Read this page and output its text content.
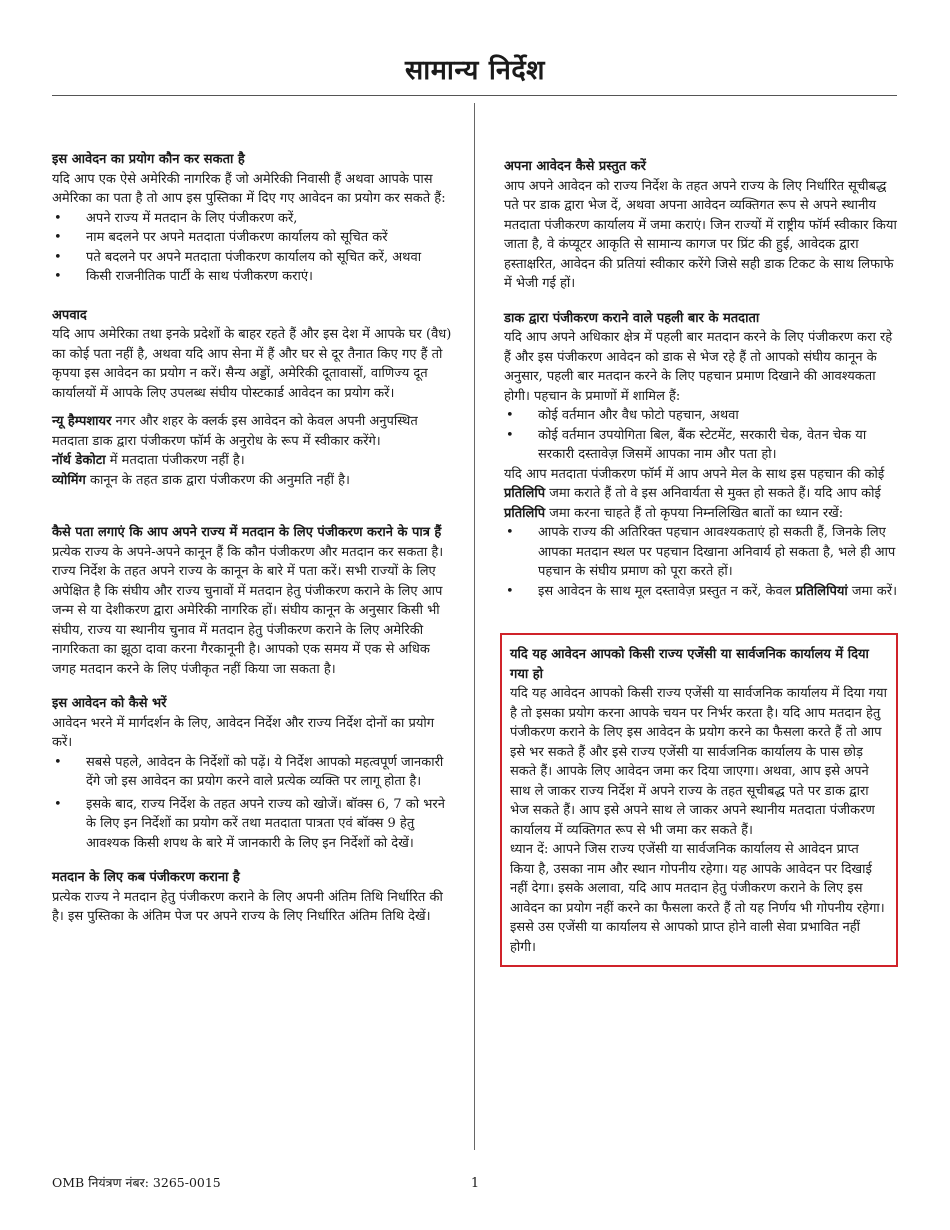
सामान्य निर्देश

इस आवेदन का प्रयोग कौन कर सकता है

यदि आप एक ऐसे अमेरिकी नागरिक हैं जो अमेरिकी निवासी हैं अथवा आपके पास अमेरिका का पता है तो आप इस पुस्तिका में दिए गए आवेदन का प्रयोग कर सकते हैं:

• अपने राज्य में मतदान के लिए पंजीकरण करें,
• नाम बदलने पर अपने मतदाता पंजीकरण कार्यालय को सूचित करें
• पते बदलने पर अपने मतदाता पंजीकरण कार्यालय को सूचित करें, अथवा
• किसी राजनीतिक पार्टी के साथ पंजीकरण कराएं।

अपवाद

यदि आप अमेरिका तथा इनके प्रदेशों के बाहर रहते हैं और इस देश में आपके घर (वैध) का कोई पता नहीं है, अथवा यदि आप सेना में हैं और घर से दूर तैनात किए गए हैं तो कृपया इस आवेदन का प्रयोग न करें। सैन्य अड्डों, अमेरिकी दूतावासों, वाणिज्य दूत कार्यालयों में आपके लिए उपलब्ध संघीय पोस्टकार्ड आवेदन का प्रयोग करें।

न्यू हैम्पशायर नगर और शहर के क्लर्क इस आवेदन को केवल अपनी अनुपस्थित मतदाता डाक द्वारा पंजीकरण फॉर्म के अनुरोध के रूप में स्वीकार करेंगे।

नॉर्थ डेकोटा में मतदाता पंजीकरण नहीं है।

व्योमिंग कानून के तहत डाक द्वारा पंजीकरण की अनुमति नहीं है।

कैसे पता लगाएं कि आप अपने राज्य में मतदान के लिए पंजीकरण कराने के पात्र हैं

प्रत्येक राज्य के अपने-अपने कानून हैं कि कौन पंजीकरण और मतदान कर सकता है। राज्य निर्देश के तहत अपने राज्य के कानून के बारे में पता करें। सभी राज्यों के लिए अपेक्षित है कि संघीय और राज्य चुनावों में मतदान हेतु पंजीकरण कराने के लिए आप जन्म से या देशीकरण द्वारा अमेरिकी नागरिक हों। संघीय कानून के अनुसार किसी भी संघीय, राज्य या स्थानीय चुनाव में मतदान हेतु पंजीकरण कराने के लिए अमेरिकी नागरिकता का झूठा दावा करना गैरकानूनी है। आपको एक समय में एक से अधिक जगह मतदान करने के लिए पंजीकृत नहीं किया जा सकता है।

इस आवेदन को कैसे भरें

आवेदन भरने में मार्गदर्शन के लिए, आवेदन निर्देश और राज्य निर्देश दोनों का प्रयोग करें।

• सबसे पहले, आवेदन के निर्देशों को पढ़ें। ये निर्देश आपको महत्वपूर्ण जानकारी देंगे जो इस आवेदन का प्रयोग करने वाले प्रत्येक व्यक्ति पर लागू होता है।
• इसके बाद, राज्य निर्देश के तहत अपने राज्य को खोजें। बॉक्स 6, 7 को भरने के लिए इन निर्देशों का प्रयोग करें तथा मतदाता पात्रता एवं बॉक्स 9 हेतु आवश्यक किसी शपथ के बारे में जानकारी के लिए इन निर्देशों को देखें।

मतदान के लिए कब पंजीकरण कराना है

प्रत्येक राज्य ने मतदान हेतु पंजीकरण कराने के लिए अपनी अंतिम तिथि निर्धारित की है। इस पुस्तिका के अंतिम पेज पर अपने राज्य के लिए निर्धारित अंतिम तिथि देखें।

अपना आवेदन कैसे प्रस्तुत करें

आप अपने आवेदन को राज्य निर्देश के तहत अपने राज्य के लिए निर्धारित सूचीबद्ध पते पर डाक द्वारा भेज दें, अथवा अपना आवेदन व्यक्तिगत रूप से अपने स्थानीय मतदाता पंजीकरण कार्यालय में जमा कराएं। जिन राज्यों में राष्ट्रीय फॉर्म स्वीकार किया जाता है, वे कंप्यूटर आकृति से सामान्य कागज पर प्रिंट की हुई, आवेदक द्वारा हस्ताक्षरित, आवेदन की प्रतियां स्वीकार करेंगे जिसे सही डाक टिकट के साथ लिफाफे में भेजी गई हों।

डाक द्वारा पंजीकरण कराने वाले पहली बार के मतदाता

यदि आप अपने अधिकार क्षेत्र में पहली बार मतदान करने के लिए पंजीकरण करा रहे हैं और इस पंजीकरण आवेदन को डाक से भेज रहे हैं तो आपको संघीय कानून के अनुसार, पहली बार मतदान करने के लिए पहचान प्रमाण दिखाने की आवश्यकता होगी। पहचान के प्रमाणों में शामिल हैं:

• कोई वर्तमान और वैध फोटो पहचान, अथवा
• कोई वर्तमान उपयोगिता बिल, बैंक स्टेटमेंट, सरकारी चेक, वेतन चेक या सरकारी दस्तावेज़ जिसमें आपका नाम और पता हो।

यदि आप मतदाता पंजीकरण फॉर्म में आप अपने मेल के साथ इस पहचान की कोई प्रतिलिपि जमा कराते हैं तो वे इस अनिवार्यता से मुक्त हो सकते हैं। यदि आप कोई प्रतिलिपि जमा करना चाहते हैं तो कृपया निम्नलिखित बातों का ध्यान रखें:

• आपके राज्य की अतिरिक्त पहचान आवश्यकताएं हो सकती हैं, जिनके लिए आपका मतदान स्थल पर पहचान दिखाना अनिवार्य हो सकता है, भले ही आप पहचान के संघीय प्रमाण को पूरा करते हों।
• इस आवेदन के साथ मूल दस्तावेज़ प्रस्तुत न करें, केवल प्रतिलिपियां जमा करें।

यदि यह आवेदन आपको किसी राज्य एजेंसी या सार्वजनिक कार्यालय में दिया गया हो

यदि यह आवेदन आपको किसी राज्य एजेंसी या सार्वजनिक कार्यालय में दिया गया है तो इसका प्रयोग करना आपके चयन पर निर्भर करता है। यदि आप मतदान हेतु पंजीकरण कराने के लिए इस आवेदन के प्रयोग करने का फैसला करते हैं तो आप इसे भर सकते हैं और इसे राज्य एजेंसी या सार्वजनिक कार्यालय के पास छोड़ सकते हैं। आपके लिए आवेदन जमा कर दिया जाएगा। अथवा, आप इसे अपने साथ ले जाकर राज्य निर्देश में अपने राज्य के तहत सूचीबद्ध पते पर डाक द्वारा भेज सकते हैं। आप इसे अपने साथ ले जाकर अपने स्थानीय मतदाता पंजीकरण कार्यालय में व्यक्तिगत रूप से भी जमा कर सकते हैं।

ध्यान दें: आपने जिस राज्य एजेंसी या सार्वजनिक कार्यालय से आवेदन प्राप्त किया है, उसका नाम और स्थान गोपनीय रहेगा। यह आपके आवेदन पर दिखाई नहीं देगा। इसके अलावा, यदि आप मतदान हेतु पंजीकरण कराने के लिए इस आवेदन का प्रयोग नहीं करने का फैसला करते हैं तो यह निर्णय भी गोपनीय रहेगा। इससे उस एजेंसी या कार्यालय से आपको प्राप्त होने वाली सेवा प्रभावित नहीं होगी।

OMB नियंत्रण नंबर: 3265-0015	1
